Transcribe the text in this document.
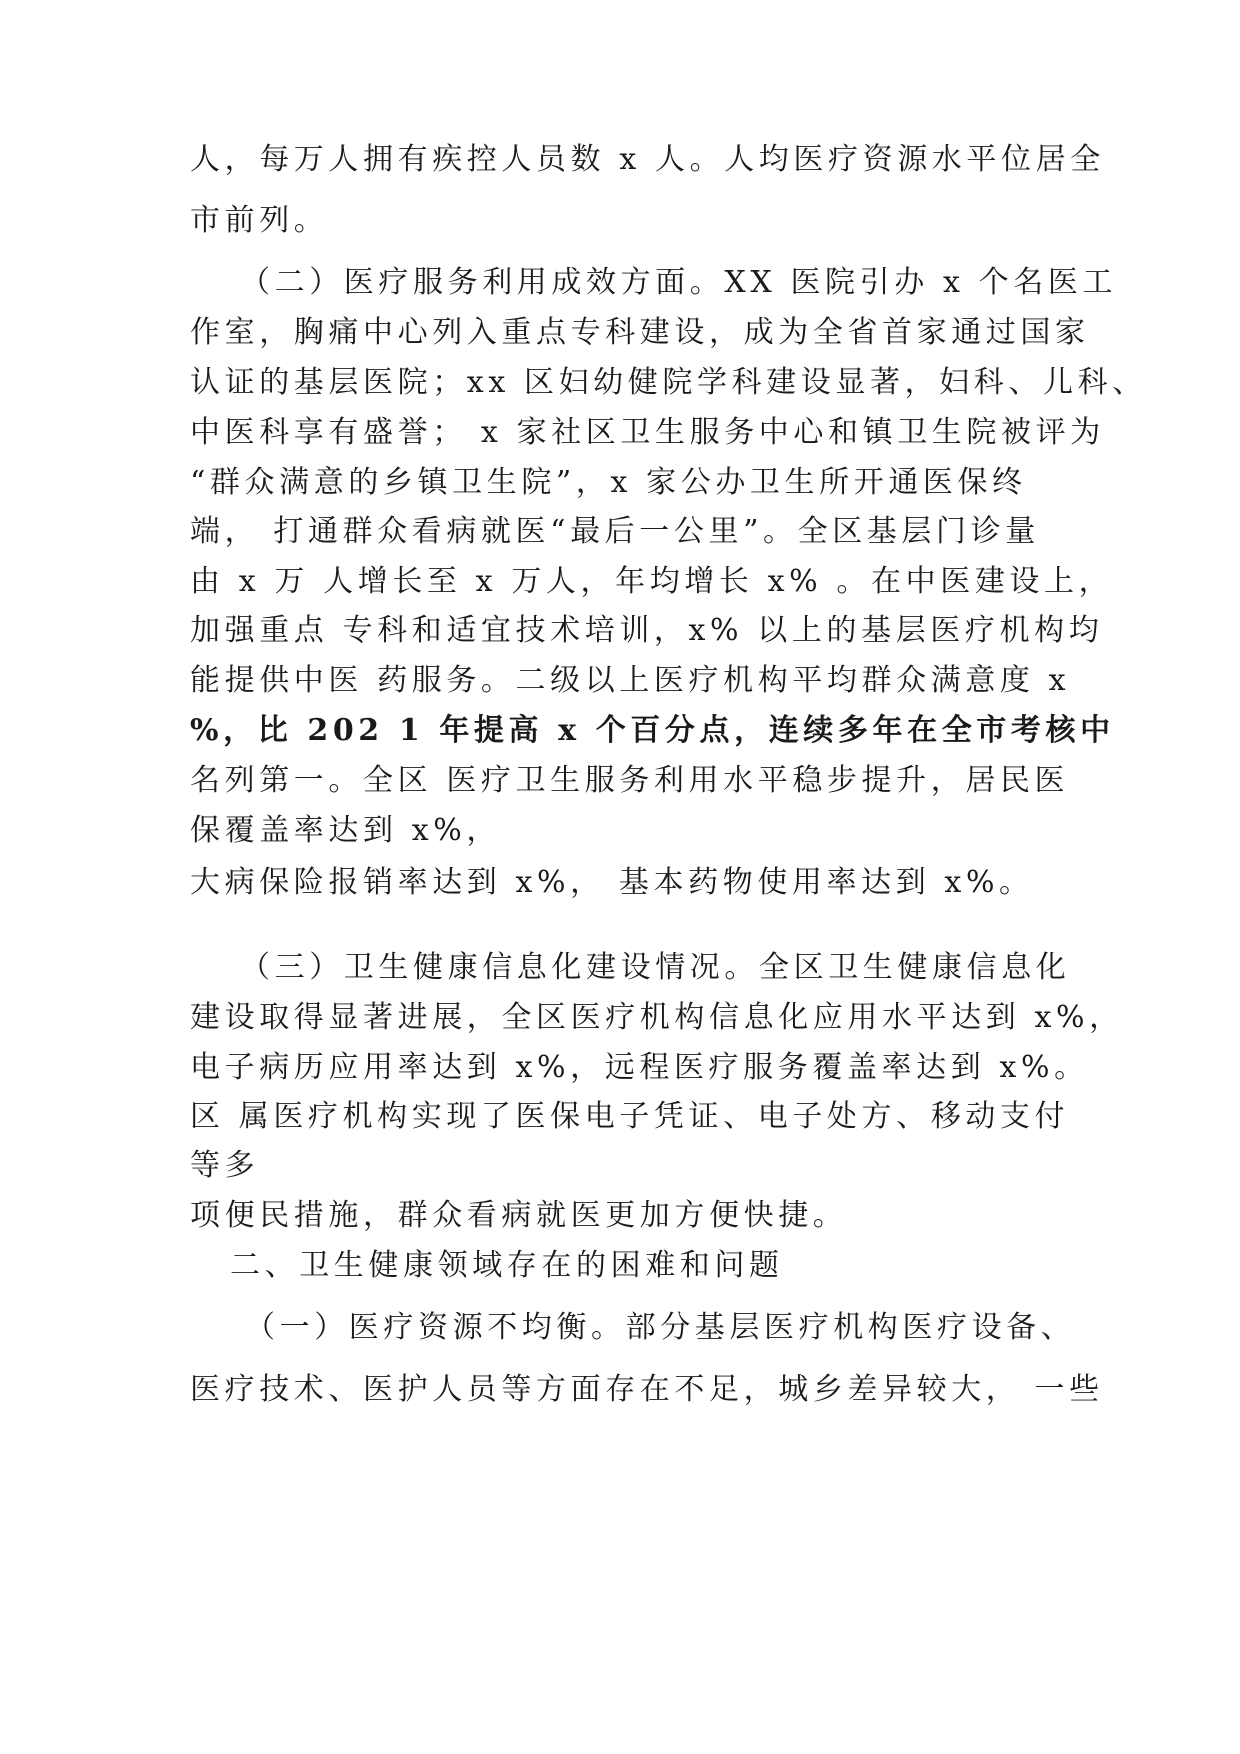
人，每万人拥有疾控人员数 x 人。人均医疗资源水平位居全

市前列。

（二）医疗服务利用成效方面。XX 医院引办 x 个名医工

作室，胸痛中心列入重点专科建设，成为全省首家通过国家

认证的基层医院；xx 区妇幼健院学科建设显著，妇科、儿科、

中医科享有盛誉； x 家社区卫生服务中心和镇卫生院被评为

“群众满意的乡镇卫生院”，x 家公办卫生所开通医保终

端， 打通群众看病就医“最后一公里”。全区基层门诊量

由 x 万 人增长至 x 万人，年均增长 x% 。在中医建设上，

加强重点 专科和适宜技术培训，x% 以上的基层医疗机构均

能提供中医 药服务。二级以上医疗机构平均群众满意度 x

%，比 202 1 年提高 x 个百分点，连续多年在全市考核中

名列第一。全区 医疗卫生服务利用水平稳步提升，居民医

保覆盖率达到 x%，

大病保险报销率达到 x%， 基本药物使用率达到 x%。

（三）卫生健康信息化建设情况。全区卫生健康信息化

建设取得显著进展，全区医疗机构信息化应用水平达到 x%，

电子病历应用率达到 x%，远程医疗服务覆盖率达到 x%。

区 属医疗机构实现了医保电子凭证、电子处方、移动支付

等多

项便民措施，群众看病就医更加方便快捷。

二、卫生健康领域存在的困难和问题

（一）医疗资源不均衡。部分基层医疗机构医疗设备、

医疗技术、医护人员等方面存在不足，城乡差异较大， 一些
